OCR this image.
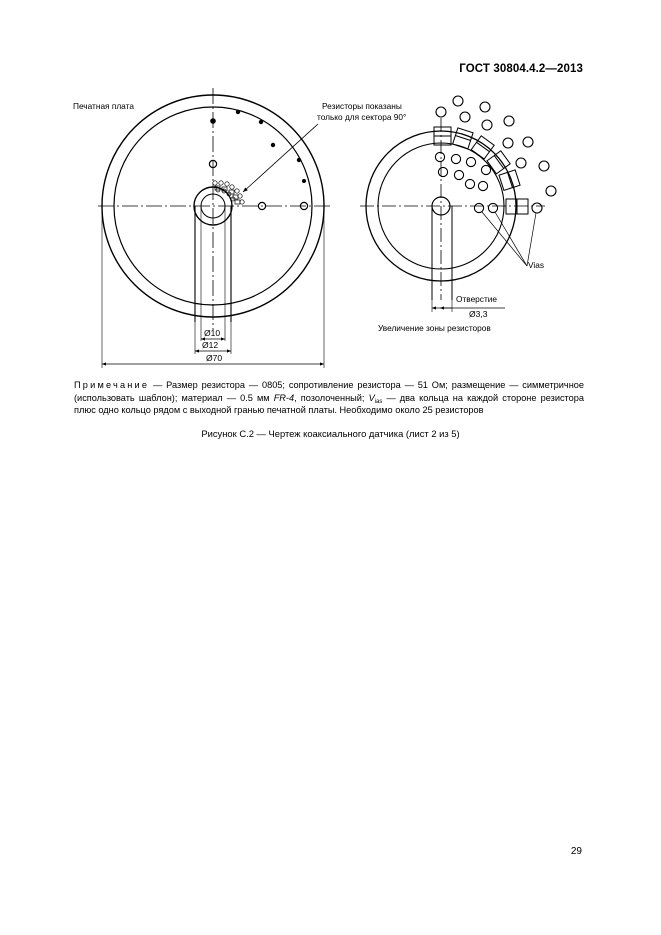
ГОСТ 30804.4.2—2013
Печатная плата	Резисторы показаны
только для сектора 90°
Ø10
Ø12
Ø70
Vias
Отверстие
Ø3,3
Увеличение зоны резисторов
Примечание — Размер резистора — 0805; сопротивление резистора — 51 Ом; размещение — симметричное (использовать шаблон); материал — 0.5 мм FR-4, позолоченный; $V_{ias}$ — два кольца на каждой стороне резистора плюс одно кольцо рядом с выходной гранью печатной платы. Необходимо около 25 резисторов
Рисунок С.2 — Чертеж коаксиального датчика (лист 2 из 5)
29
